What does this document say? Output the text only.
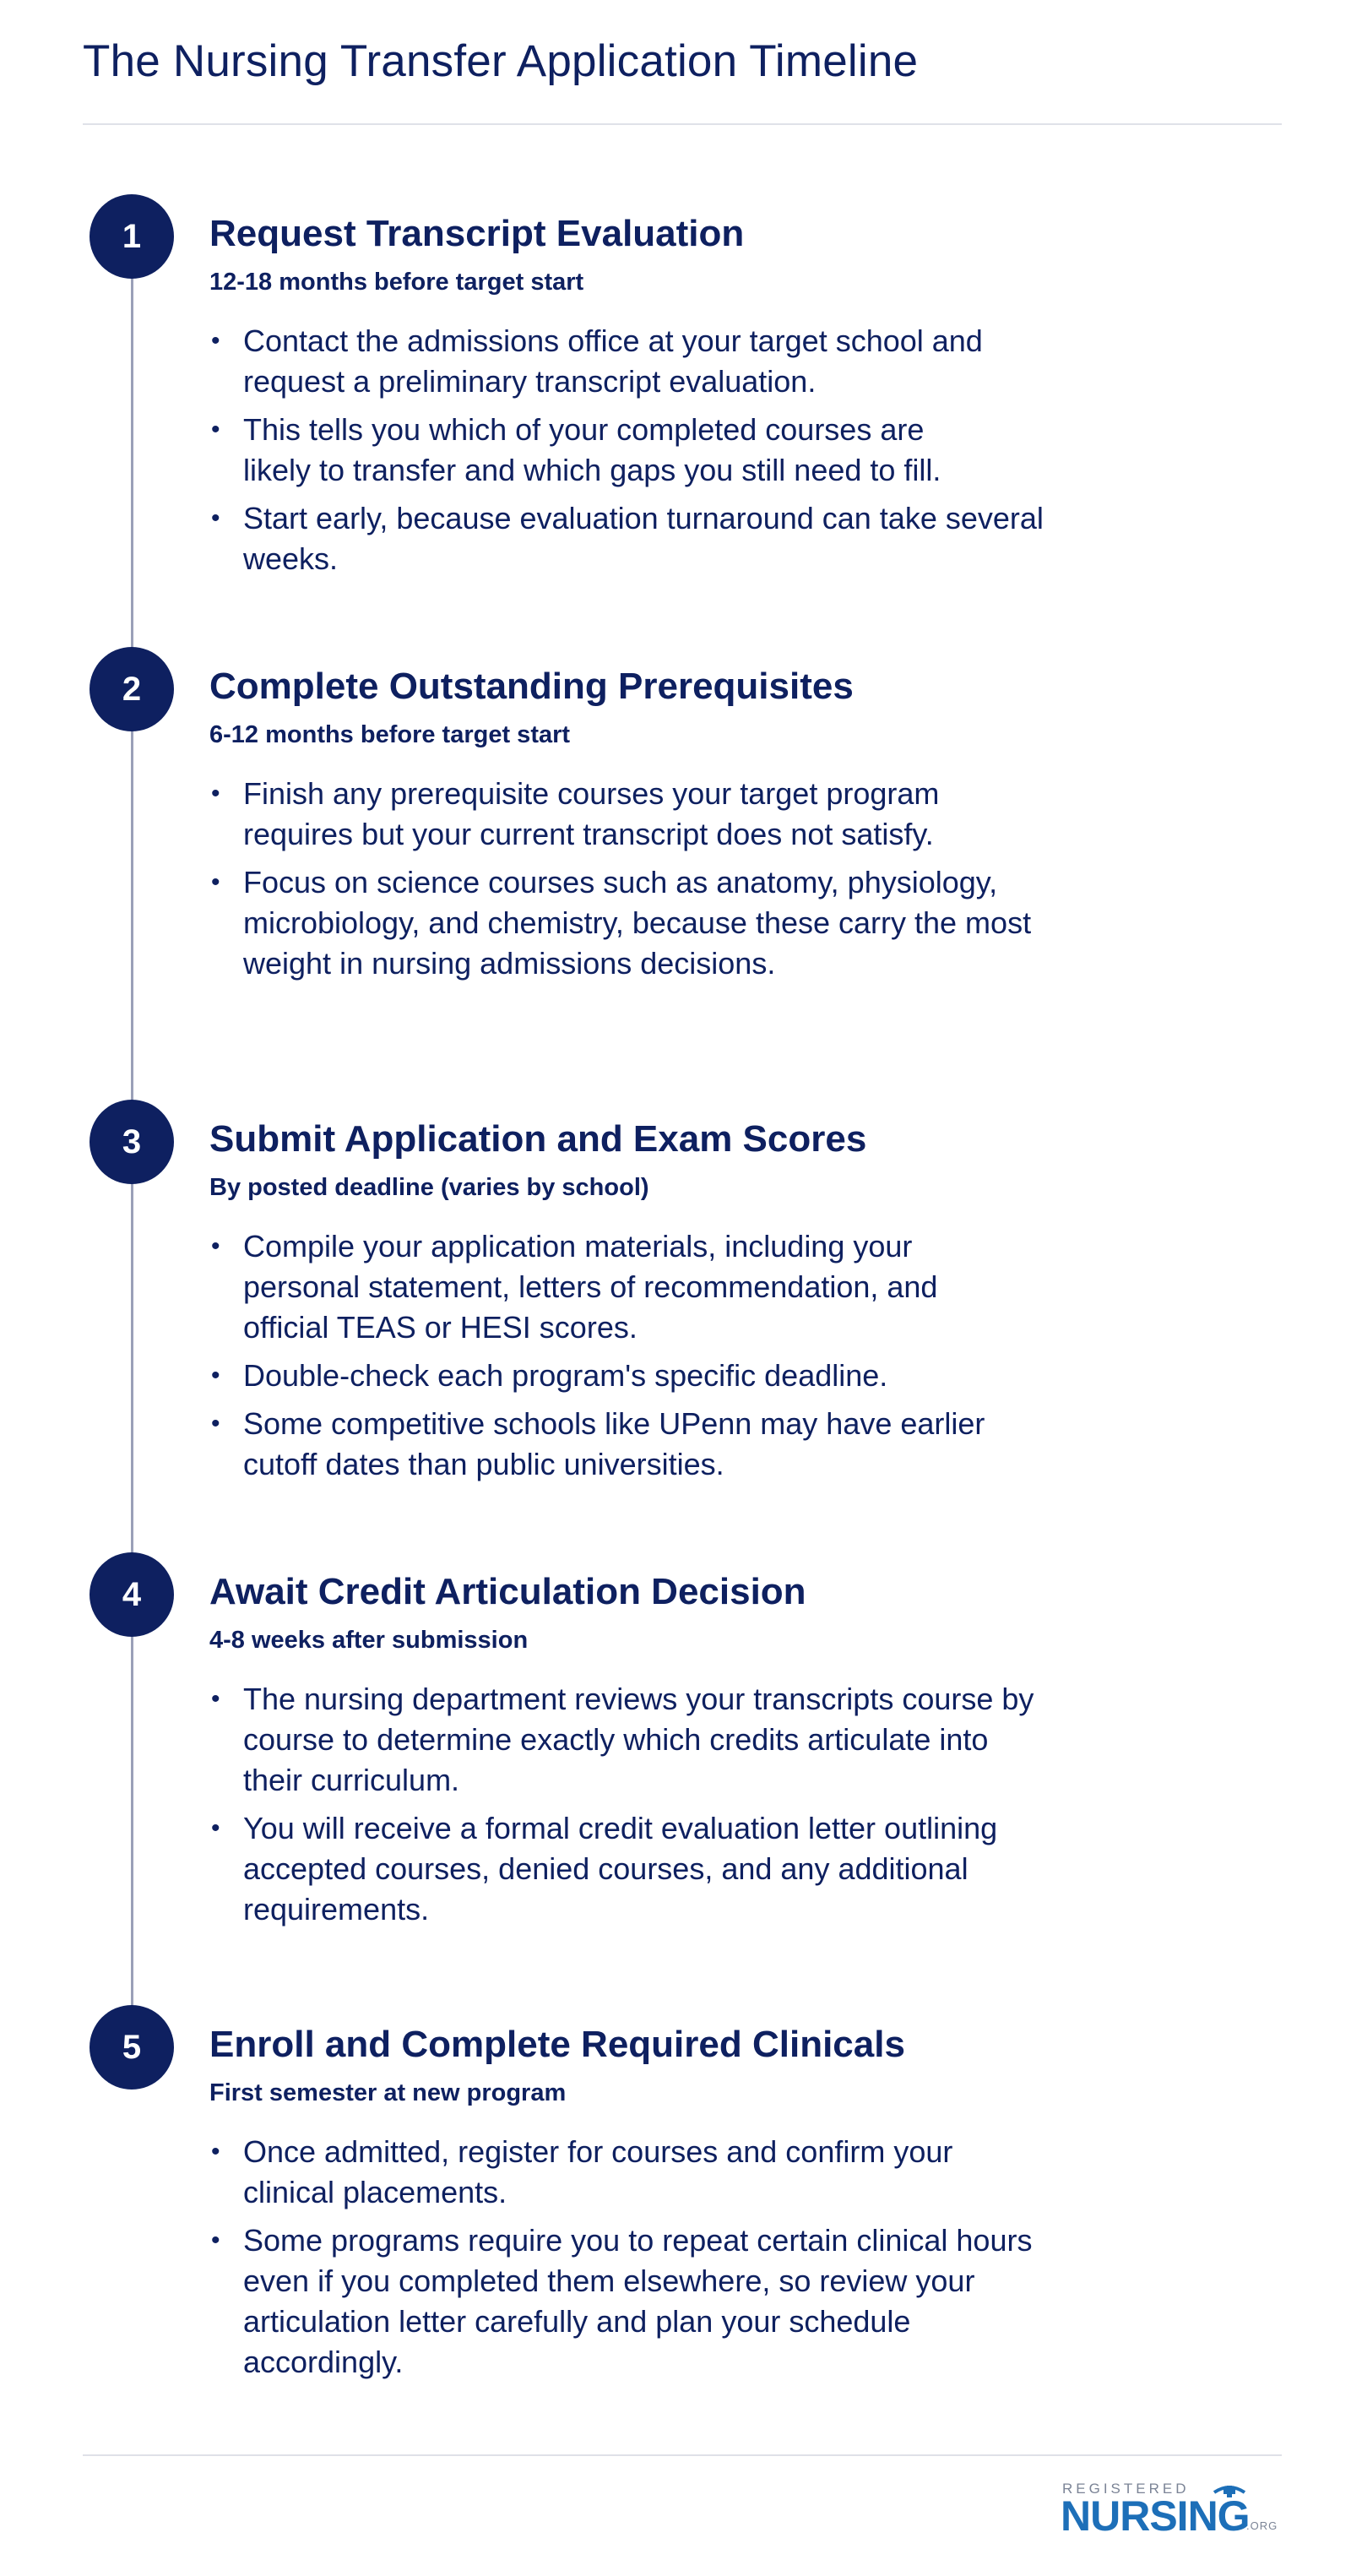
The Nursing Transfer Application Timeline
1	Request Transcript Evaluation
12-18 months before target start
• Contact the admissions office at your target school and request a preliminary transcript evaluation.
• This tells you which of your completed courses are likely to transfer and which gaps you still need to fill.
• Start early, because evaluation turnaround can take several weeks.
2	Complete Outstanding Prerequisites
6-12 months before target start
• Finish any prerequisite courses your target program requires but your current transcript does not satisfy.
• Focus on science courses such as anatomy, physiology, microbiology, and chemistry, because these carry the most weight in nursing admissions decisions.
3	Submit Application and Exam Scores
By posted deadline (varies by school)
• Compile your application materials, including your personal statement, letters of recommendation, and official TEAS or HESI scores.
• Double-check each program's specific deadline.
• Some competitive schools like UPenn may have earlier cutoff dates than public universities.
4	Await Credit Articulation Decision
4-8 weeks after submission
• The nursing department reviews your transcripts course by course to determine exactly which credits articulate into their curriculum.
• You will receive a formal credit evaluation letter outlining accepted courses, denied courses, and any additional requirements.
5	Enroll and Complete Required Clinicals
First semester at new program
• Once admitted, register for courses and confirm your clinical placements.
• Some programs require you to repeat certain clinical hours even if you completed them elsewhere, so review your articulation letter carefully and plan your schedule accordingly.
REGISTERED
NURSING
.ORG
